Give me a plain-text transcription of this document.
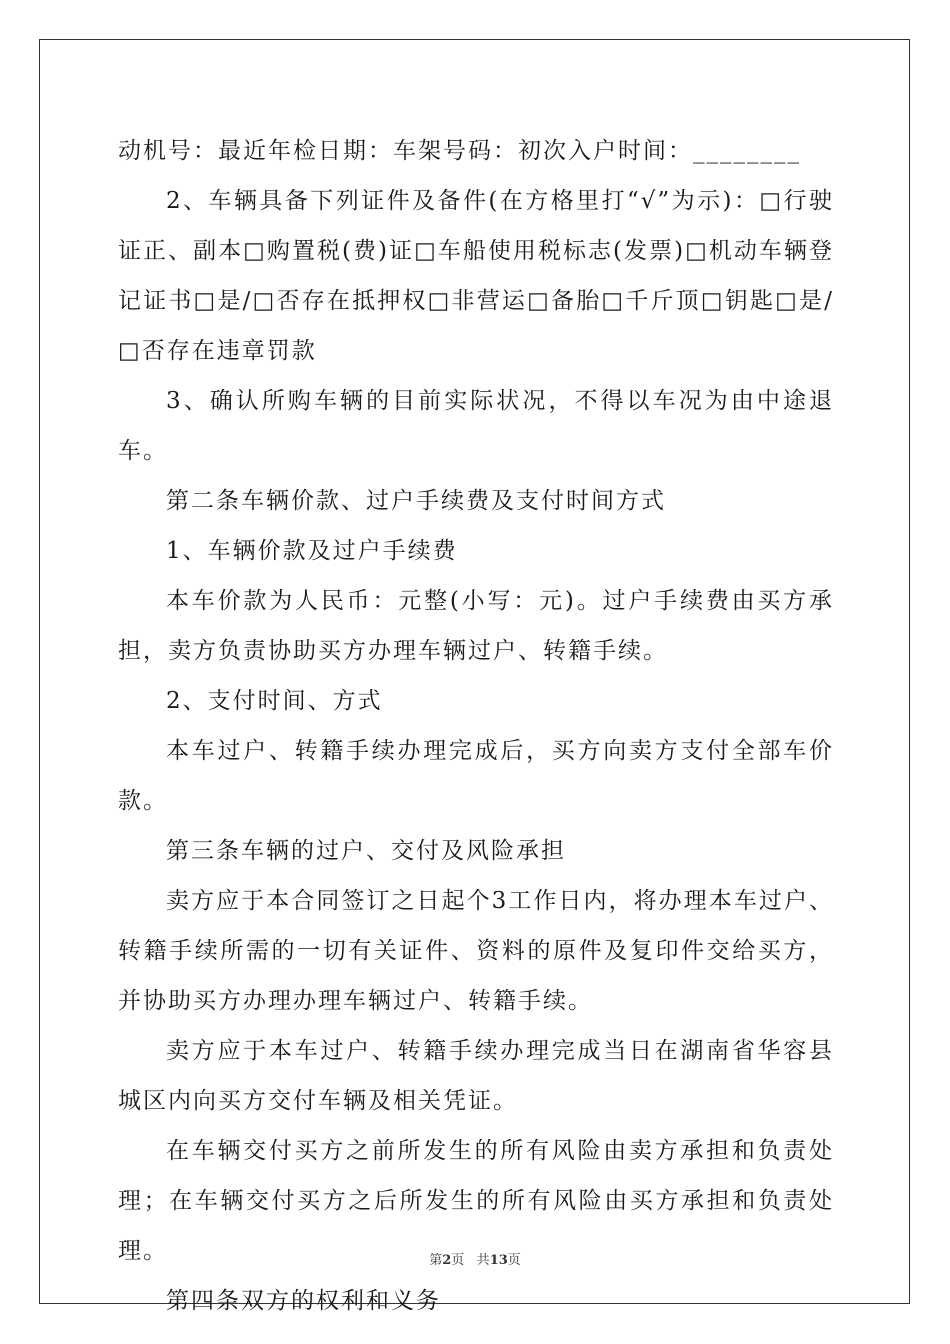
动机号：最近年检日期：车架号码：初次入户时间：________

2、车辆具备下列证件及备件(在方格里打“√”为示)：□行驶证正、副本□购置税(费)证□车船使用税标志(发票)□机动车辆登记证书□是/□否存在抵押权□非营运□备胎□千斤顶□钥匙□是/□否存在违章罚款

3、确认所购车辆的目前实际状况，不得以车况为由中途退车。

第二条车辆价款、过户手续费及支付时间方式

1、车辆价款及过户手续费

本车价款为人民币：元整(小写：元)。过户手续费由买方承担，卖方负责协助买方办理车辆过户、转籍手续。

2、支付时间、方式

本车过户、转籍手续办理完成后，买方向卖方支付全部车价款。

第三条车辆的过户、交付及风险承担

卖方应于本合同签订之日起个3工作日内，将办理本车过户、转籍手续所需的一切有关证件、资料的原件及复印件交给买方，并协助买方办理办理车辆过户、转籍手续。

卖方应于本车过户、转籍手续办理完成当日在湖南省华容县城区内向买方交付车辆及相关凭证。

在车辆交付买方之前所发生的所有风险由卖方承担和负责处理；在车辆交付买方之后所发生的所有风险由买方承担和负责处理。

第四条双方的权利和义务

第2页 共13页
